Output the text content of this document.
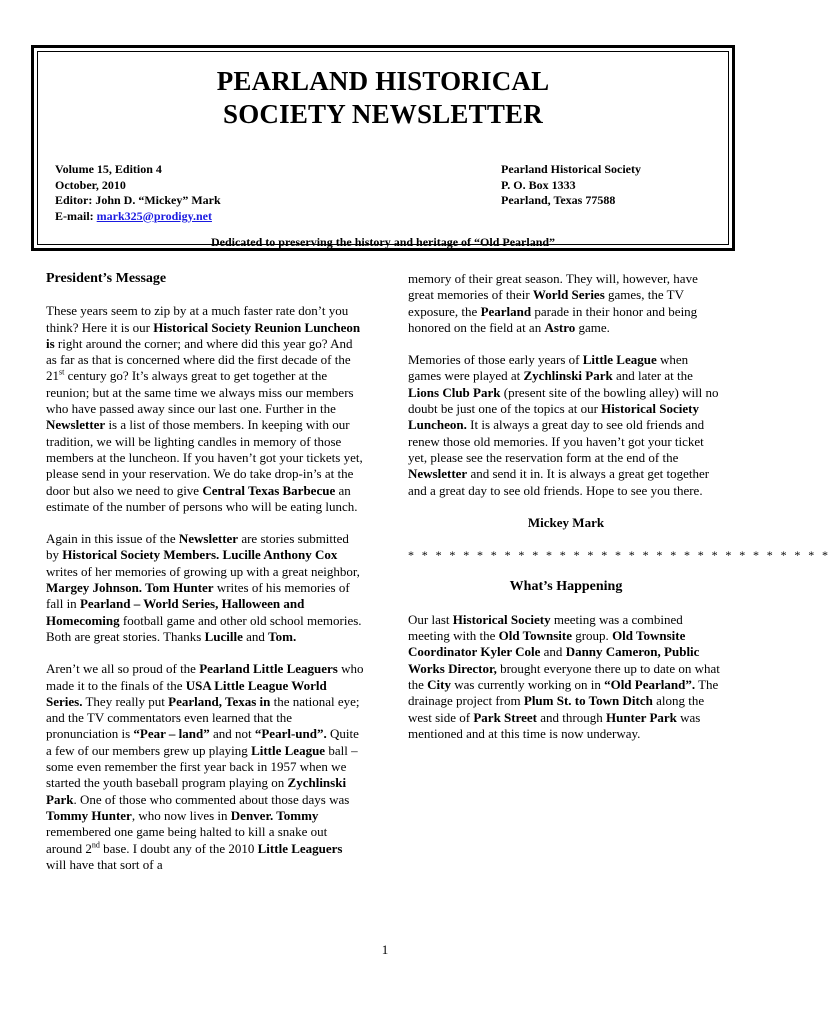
PEARLAND HISTORICAL
SOCIETY NEWSLETTER
Volume 15, Edition 4
October, 2010
Editor: John D. “Mickey” Mark
E-mail: mark325@prodigy.net
Pearland Historical Society
P. O. Box 1333
Pearland, Texas 77588
Dedicated to preserving the history and heritage of “Old Pearland”
President’s Message

These years seem to zip by at a much faster rate don’t you think? Here it is our Historical Society Reunion Luncheon is right around the corner; and where did this year go? And as far as that is concerned where did the first decade of the 21st century go? It’s always great to get together at the reunion; but at the same time we always miss our members who have passed away since our last one. Further in the Newsletter is a list of those members. In keeping with our tradition, we will be lighting candles in memory of those members at the luncheon. If you haven’t got your tickets yet, please send in your reservation. We do take drop-in’s at the door but also we need to give Central Texas Barbecue an estimate of the number of persons who will be eating lunch.

Again in this issue of the Newsletter are stories submitted by Historical Society Members. Lucille Anthony Cox writes of her memories of growing up with a great neighbor, Margey Johnson. Tom Hunter writes of his memories of fall in Pearland – World Series, Halloween and Homecoming football game and other old school memories. Both are great stories. Thanks Lucille and Tom.

Aren’t we all so proud of the Pearland Little Leaguers who made it to the finals of the USA Little League World Series. They really put Pearland, Texas in the national eye; and the TV commentators even learned that the pronunciation is “Pear – land” and not “Pearl-und”. Quite a few of our members grew up playing Little League ball – some even remember the first year back in 1957 when we started the youth baseball program playing on Zychlinski Park. One of those who commented about those days was Tommy Hunter, who now lives in Denver. Tommy remembered one game being halted to kill a snake out around 2nd base. I doubt any of the 2010 Little Leaguers will have that sort of a

memory of their great season. They will, however, have great memories of their World Series games, the TV exposure, the Pearland parade in their honor and being honored on the field at an Astro game.

Memories of those early years of Little League when games were played at Zychlinski Park and later at the Lions Club Park (present site of the bowling alley) will no doubt be just one of the topics at our Historical Society Luncheon. It is always a great day to see old friends and renew those old memories. If you haven’t got your ticket yet, please see the reservation form at the end of the Newsletter and send it in. It is always a great get together and a great day to see old friends. Hope to see you there.

Mickey Mark

* * * * * * * * * * * * * * * * * * * * * * * * * * * * * * *
What’s Happening

Our last Historical Society meeting was a combined meeting with the Old Townsite group. Old Townsite Coordinator Kyler Cole and Danny Cameron, Public Works Director, brought everyone there up to date on what the City was currently working on in “Old Pearland”. The drainage project from Plum St. to Town Ditch along the west side of Park Street and through Hunter Park was mentioned and at this time is now underway.

1
